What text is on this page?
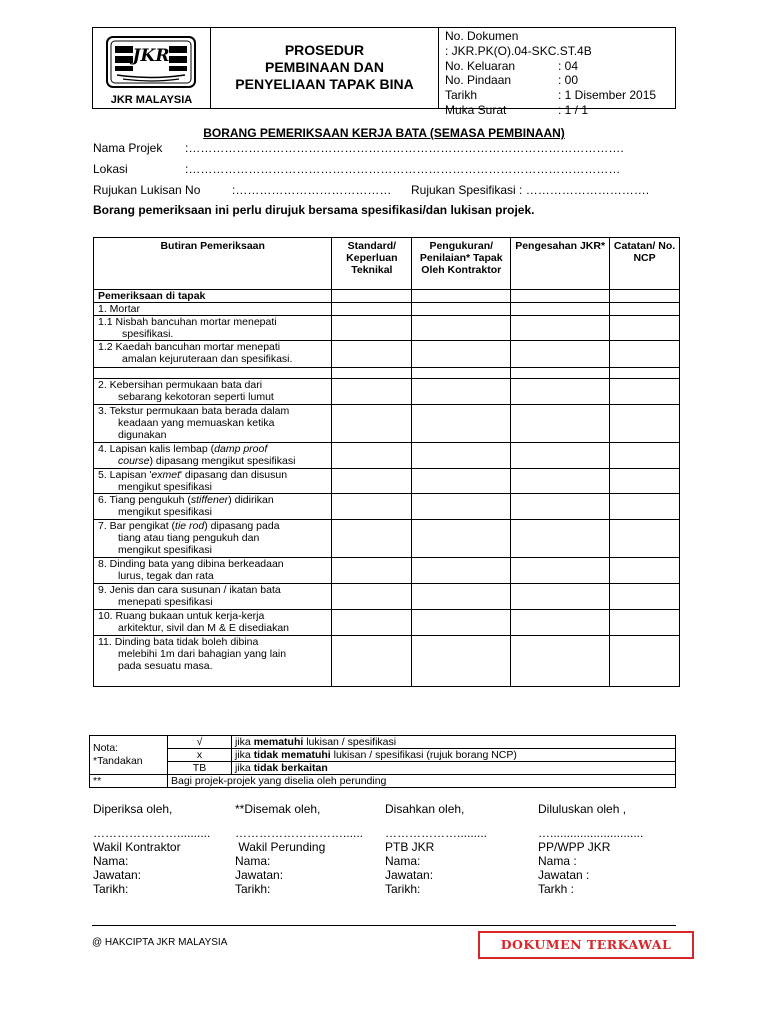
JKR
JKR MALAYSIA
PROSEDUR
PEMBINAAN DAN
PENYELIAAN TAPAK BINA
No. Dokumen: JKR.PK(O).04-SKC.ST.4B
No. Keluaran	: 04
No. Pindaan	: 00
Tarikh	: 1 Disember 2015
Muka Surat	: 1 / 1
BORANG PEMERIKSAAN KERJA BATA (SEMASA PEMBINAAN)
Nama Projek :……………………………………………………………………………………………….
Lokasi	:………………………………………………………………………………………………
Rujukan Lukisan No	:………………………………… Rujukan Spesifikasi : ………………………….
Borang pemeriksaan ini perlu dirujuk bersama spesifikasi/dan lukisan projek.
Butiran Pemeriksaan	Standard/ Keperluan Teknikal	Pengukuran/ Penilaian* Tapak Oleh Kontraktor	Pengesahan JKR*	Catatan/ No. NCP
Pemeriksaan di tapak				
1. Mortar				
1.1 Nisbah bancuhan mortar menepati
spesifikasi.				

1.2 Kaedah bancuhan mortar menepati
amalan kejuruteraan dan spesifikasi.				

2. Kebersihan permukaan bata dari
sebarang kekotoran seperti lumut				

3. Tekstur permukaan bata berada dalam
keadaan yang memuaskan ketika
digunakan				

4. Lapisan kalis lembap (damp proof
course) dipasang mengikut spesifikasi				

5. Lapisan 'exmet' dipasang dan disusun
mengikut spesifikasi				

6. Tiang pengukuh (stiffener) didirikan
mengikut spesifikasi				

7. Bar pengikat (tie rod) dipasang pada
tiang atau tiang pengukuh dan
mengikut spesifikasi				

8. Dinding bata yang dibina berkeadaan
lurus, tegak dan rata				

9. Jenis dan cara susunan / ikatan bata
menepati spesifikasi				

10. Ruang bukaan untuk kerja-kerja
arkitektur, sivil dan M & E disediakan				

11. Dinding bata tidak boleh dibina
melebihi 1m dari bahagian yang lain
pada sesuatu masa.				

Nota:
*Tandakan	√	jika mematuhi lukisan / spesifikasi
	x	jika tidak mematuhi lukisan / spesifikasi (rujuk borang NCP)
	TB	jika tidak berkaitan
**	Bagi projek-projek yang diselia oleh perunding	
Diperiksa oleh,
…………………..........
Wakil Kontraktor
Nama:
Jawatan:
Tarikh:
**Disemak oleh,
………………………......
Wakil Perunding
Nama:
Jawatan:
Tarikh:
Disahkan oleh,
……………….........
PTB JKR
Nama:
Jawatan:
Tarikh:
Diluluskan oleh ,
…............................
PP/WPP JKR
Nama :
Jawatan :
Tarkh :
@ HAKCIPTA JKR MALAYSIA	DOKUMEN TERKAWAL
